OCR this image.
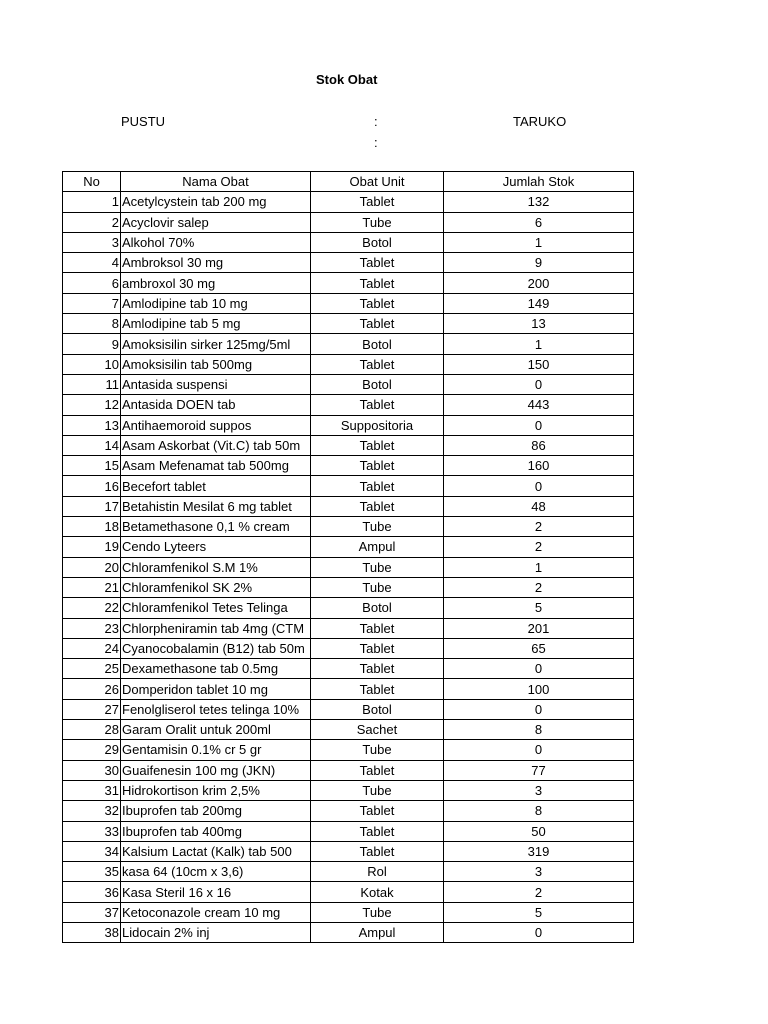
Stok Obat
PUSTU	:	TARUKO
:
No	Nama Obat	Obat Unit	Jumlah Stok
1	Acetylcystein tab 200 mg	Tablet	132
2	Acyclovir salep	Tube	6
3	Alkohol 70%	Botol	1
4	Ambroksol 30 mg	Tablet	9
6	ambroxol 30 mg	Tablet	200
7	Amlodipine tab 10 mg	Tablet	149
8	Amlodipine tab 5 mg	Tablet	13
9	Amoksisilin sirker 125mg/5ml	Botol	1
10	Amoksisilin tab 500mg	Tablet	150
11	Antasida suspensi	Botol	0
12	Antasida DOEN tab	Tablet	443
13	Antihaemoroid suppos	Suppositoria	0
14	Asam Askorbat (Vit.C) tab 50m	Tablet	86
15	Asam Mefenamat tab 500mg	Tablet	160
16	Becefort tablet	Tablet	0
17	Betahistin Mesilat 6 mg tablet	Tablet	48
18	Betamethasone 0,1 % cream	Tube	2
19	Cendo Lyteers	Ampul	2
20	Chloramfenikol S.M 1%	Tube	1
21	Chloramfenikol SK 2%	Tube	2
22	Chloramfenikol Tetes Telinga	Botol	5
23	Chlorpheniramin tab 4mg (CTM	Tablet	201
24	Cyanocobalamin (B12) tab 50m	Tablet	65
25	Dexamethasone tab 0.5mg	Tablet	0
26	Domperidon tablet 10 mg	Tablet	100
27	Fenolgliserol tetes telinga 10%	Botol	0
28	Garam Oralit untuk 200ml	Sachet	8
29	Gentamisin 0.1% cr 5 gr	Tube	0
30	Guaifenesin 100 mg (JKN)	Tablet	77
31	Hidrokortison krim 2,5%	Tube	3
32	Ibuprofen tab 200mg	Tablet	8
33	Ibuprofen tab 400mg	Tablet	50
34	Kalsium Lactat (Kalk) tab 500	Tablet	319
35	kasa 64 (10cm x 3,6)	Rol	3
36	Kasa Steril 16 x 16	Kotak	2
37	Ketoconazole cream 10 mg	Tube	5
38	Lidocain 2% inj	Ampul	0
